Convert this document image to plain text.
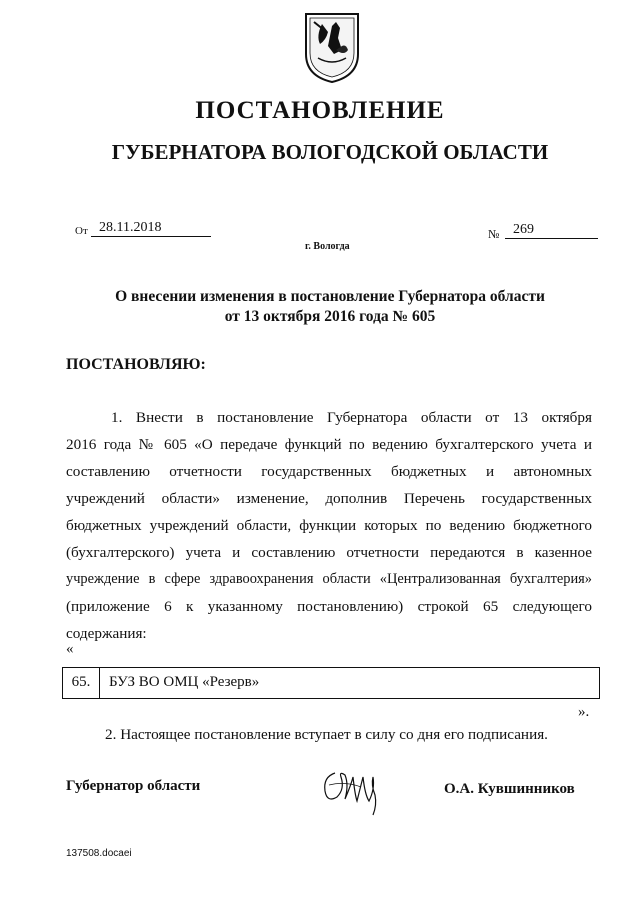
ПОСТАНОВЛЕНИЕ
ГУБЕРНАТОРА ВОЛОГОДСКОЙ ОБЛАСТИ
От 28.11.2018	№ 269
г. Вологда
О внесении изменения в постановление Губернатора области
от 13 октября 2016 года № 605
ПОСТАНОВЛЯЮ:
1. Внести в постановление Губернатора области от 13 октября
2016 года № 605 «О передаче функций по ведению бухгалтерского учета и
составлению отчетности государственных бюджетных и автономных
учреждений области» изменение, дополнив Перечень государственных
бюджетных учреждений области, функции которых по ведению бюджетного
(бухгалтерского) учета и составлению отчетности передаются в казенное
учреждение в сфере здравоохранения области «Централизованная бухгалтерия»
(приложение 6 к указанному постановлению) строкой 65 следующего
содержания:
«
65.	БУЗ ВО ОМЦ «Резерв»
».
2. Настоящее постановление вступает в силу со дня его подписания.
Губернатор области	О.А. Кувшинников
137508.docaei
